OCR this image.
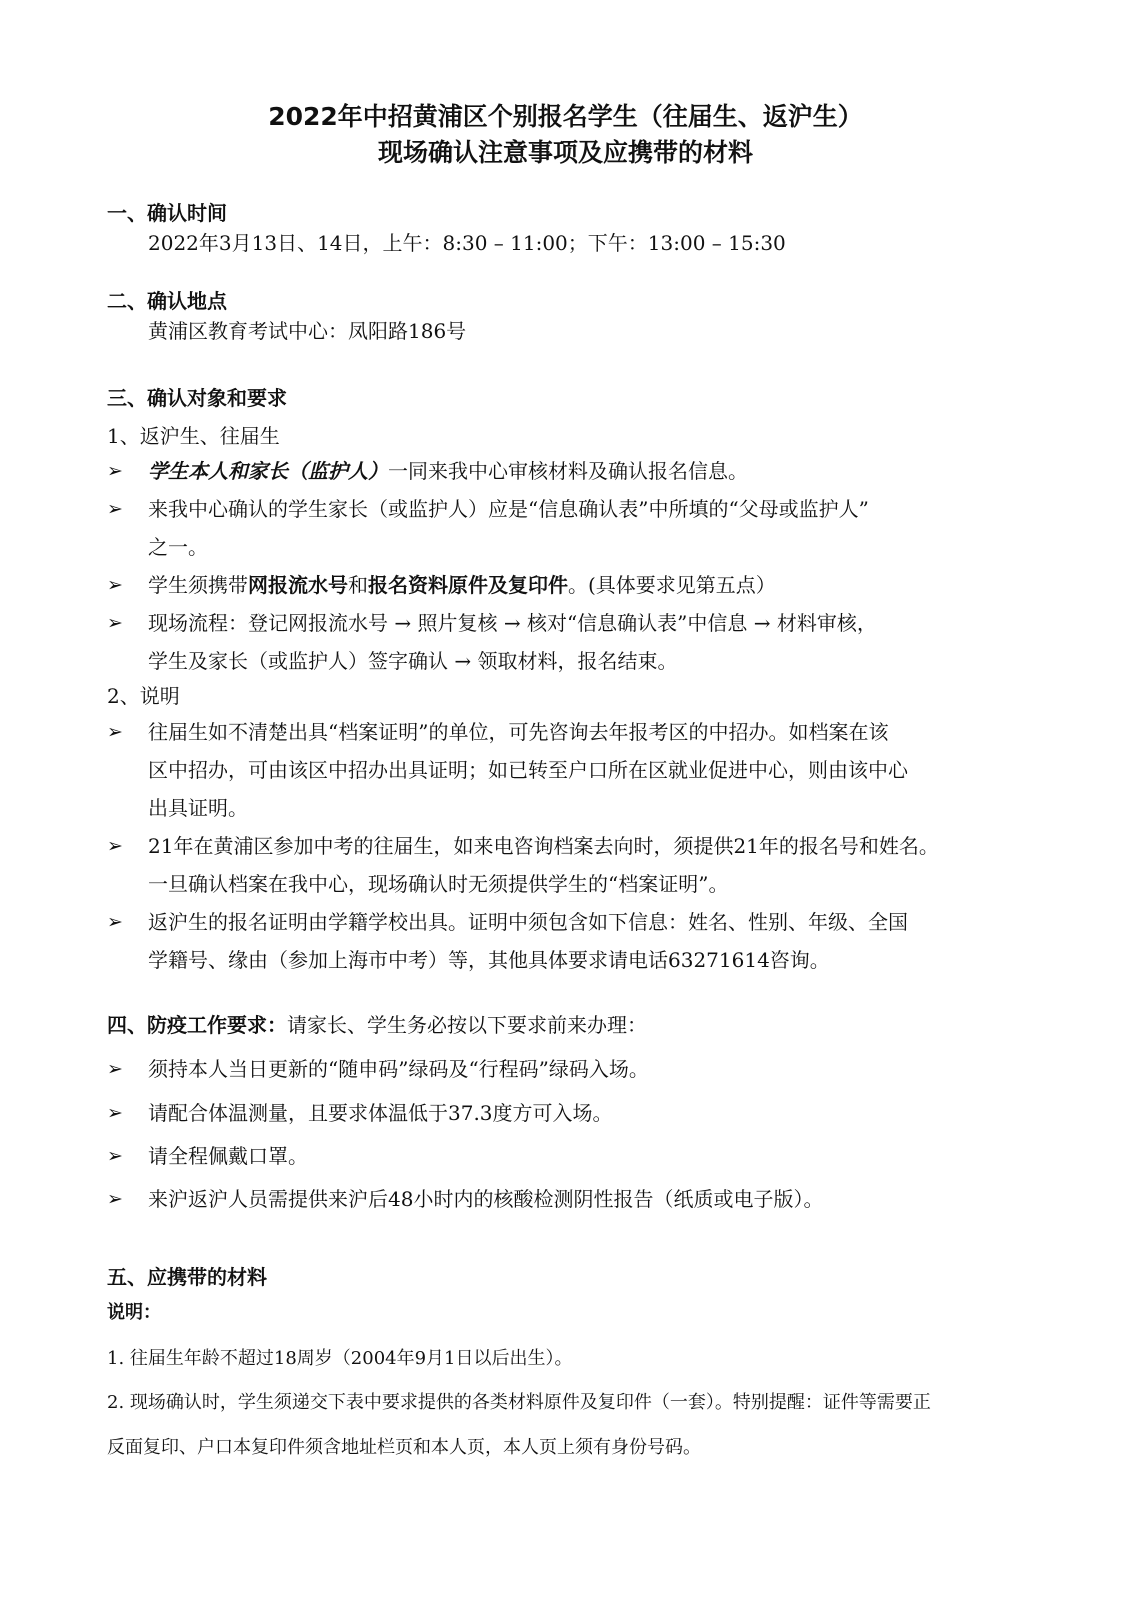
2022年中招黄浦区个别报名学生（往届生、返沪生）
现场确认注意事项及应携带的材料
一、确认时间

2022年3月13日、14日，上午：8:30 – 11:00；下午：13:00 – 15:30

二、确认地点

黄浦区教育考试中心：凤阳路186号

三、确认对象和要求

1、返沪生、往届生

➢	学生本人和家长（监护人）一同来我中心审核材料及确认报名信息。
➢	来我中心确认的学生家长（或监护人）应是“信息确认表”中所填的“父母或监护人”
之一。
➢	学生须携带网报流水号和报名资料原件及复印件。(具体要求见第五点）
➢	现场流程：登记网报流水号 → 照片复核 → 核对“信息确认表”中信息 → 材料审核，
学生及家长（或监护人）签字确认 → 领取材料，报名结束。

2、说明

➢	往届生如不清楚出具“档案证明”的单位，可先咨询去年报考区的中招办。如档案在该
区中招办，可由该区中招办出具证明；如已转至户口所在区就业促进中心，则由该中心
出具证明。
➢	21年在黄浦区参加中考的往届生，如来电咨询档案去向时，须提供21年的报名号和姓名。
一旦确认档案在我中心，现场确认时无须提供学生的“档案证明”。
➢	返沪生的报名证明由学籍学校出具。证明中须包含如下信息：姓名、性别、年级、全国
学籍号、缘由（参加上海市中考）等，其他具体要求请电话63271614咨询。
四、防疫工作要求：请家长、学生务必按以下要求前来办理：
➢	须持本人当日更新的“随申码”绿码及“行程码”绿码入场。
➢	请配合体温测量，且要求体温低于37.3度方可入场。
➢	请全程佩戴口罩。
➢	来沪返沪人员需提供来沪后48小时内的核酸检测阴性报告（纸质或电子版）。
五、应携带的材料

说明：

1. 往届生年龄不超过18周岁（2004年9月1日以后出生）。

2. 现场确认时，学生须递交下表中要求提供的各类材料原件及复印件（一套）。特别提醒：证件等需要正

反面复印、户口本复印件须含地址栏页和本人页，本人页上须有身份号码。
